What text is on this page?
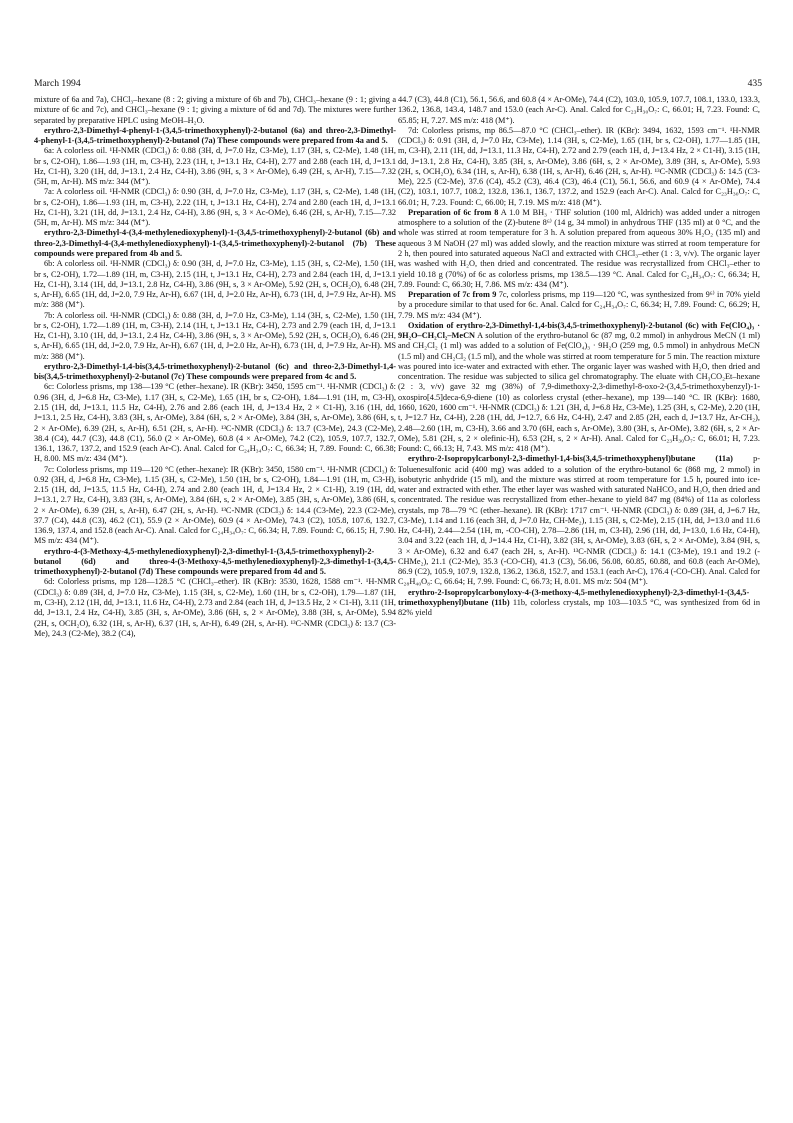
March 1994	435

mixture of 6a and 7a), CHCl₃–hexane (8 : 2; giving a mixture of 6b and 7b), CHCl₃–hexane (9 : 1; giving a mixture of 6c and 7c), and CHCl₃–hexane (9 : 1; giving a mixture of 6d and 7d). The mixtures were further separated by preparative HPLC using MeOH–H₂O.

erythro-2,3-Dimethyl-4-phenyl-1-(3,4,5-trimethoxyphenyl)-2-butanol (6a) and threo-2,3-Dimethyl-4-phenyl-1-(3,4,5-trimethoxyphenyl)-2-butanol (7a) These compounds were prepared from 4a and 5.

6a: A colorless oil. ¹H-NMR (CDCl₃) δ: 0.88 (3H, d, J=7.0 Hz, C3-Me), 1.17 (3H, s, C2-Me), 1.48 (1H, br s, C2-OH), 1.86—1.93 (1H, m, C3-H), 2.23 (1H, t, J=13.1 Hz, C4-H), 2.77 and 2.88 (each 1H, d, J=13.1 Hz, C1-H), 3.20 (1H, dd, J=13.1, 2.4 Hz, C4-H), 3.86 (9H, s, 3 × Ar-OMe), 6.49 (2H, s, Ar-H), 7.15—7.32 (5H, m, Ar-H). MS m/z: 344 (M⁺).

7a: A colorless oil. ¹H-NMR (CDCl₃) δ: 0.90 (3H, d, J=7.0 Hz, C3-Me), 1.17 (3H, s, C2-Me), 1.48 (1H, br s, C2-OH), 1.86—1.93 (1H, m, C3-H), 2.22 (1H, t, J=13.1 Hz, C4-H), 2.74 and 2.80 (each 1H, d, J=13.1 Hz, C1-H), 3.21 (1H, dd, J=13.1, 2.4 Hz, C4-H), 3.86 (9H, s, 3 × Ac-OMe), 6.46 (2H, s, Ar-H), 7.15—7.32 (5H, m, Ar-H). MS m/z: 344 (M⁺).

erythro-2,3-Dimethyl-4-(3,4-methylenedioxyphenyl)-1-(3,4,5-trimethoxyphenyl)-2-butanol (6b) and threo-2,3-Dimethyl-4-(3,4-methylenedioxyphenyl)-1-(3,4,5-trimethoxyphenyl)-2-butanol (7b) These compounds were prepared from 4b and 5.

6b: A colorless oil. ¹H-NMR (CDCl₃) δ: 0.90 (3H, d, J=7.0 Hz, C3-Me), 1.15 (3H, s, C2-Me), 1.50 (1H, br s, C2-OH), 1.72—1.89 (1H, m, C3-H), 2.15 (1H, t, J=13.1 Hz, C4-H), 2.73 and 2.84 (each 1H, d, J=13.1 Hz, C1-H), 3.14 (1H, dd, J=13.1, 2.8 Hz, C4-H), 3.86 (9H, s, 3 × Ar-OMe), 5.92 (2H, s, OCH₂O), 6.48 (2H, s, Ar-H), 6.65 (1H, dd, J=2.0, 7.9 Hz, Ar-H), 6.67 (1H, d, J=2.0 Hz, Ar-H), 6.73 (1H, d, J=7.9 Hz, Ar-H). MS m/z: 388 (M⁺).

7b: A colorless oil. ¹H-NMR (CDCl₃) δ: 0.88 (3H, d, J=7.0 Hz, C3-Me), 1.14 (3H, s, C2-Me), 1.50 (1H, br s, C2-OH), 1.72—1.89 (1H, m, C3-H), 2.14 (1H, t, J=13.1 Hz, C4-H), 2.73 and 2.79 (each 1H, d, J=13.1 Hz, C1-H), 3.10 (1H, dd, J=13.1, 2.4 Hz, C4-H), 3.86 (9H, s, 3 × Ar-OMe), 5.92 (2H, s, OCH₂O), 6.46 (2H, s, Ar-H), 6.65 (1H, dd, J=2.0, 7.9 Hz, Ar-H), 6.67 (1H, d, J=2.0 Hz, Ar-H), 6.73 (1H, d, J=7.9 Hz, Ar-H). MS m/z: 388 (M⁺).

erythro-2,3-Dimethyl-1,4-bis(3,4,5-trimethoxyphenyl)-2-butanol (6c) and threo-2,3-Dimethyl-1,4-bis(3,4,5-trimethoxyphenyl)-2-butanol (7c) These compounds were prepared from 4c and 5.

6c: Colorless prisms, mp 138—139 °C (ether–hexane). IR (KBr): 3450, 1595 cm⁻¹. ¹H-NMR (CDCl₃) δ: 0.96 (3H, d, J=6.8 Hz, C3-Me), 1.17 (3H, s, C2-Me), 1.65 (1H, br s, C2-OH), 1.84—1.91 (1H, m, C3-H), 2.15 (1H, dd, J=13.1, 11.5 Hz, C4-H), 2.76 and 2.86 (each 1H, d, J=13.4 Hz, 2 × C1-H), 3.16 (1H, dd, J=13.1, 2.5 Hz, C4-H), 3.83 (3H, s, Ar-OMe), 3.84 (6H, s, 2 × Ar-OMe), 3.84 (3H, s, Ar-OMe), 3.86 (6H, s, 2 × Ar-OMe), 6.39 (2H, s, Ar-H), 6.51 (2H, s, Ar-H). ¹³C-NMR (CDCl₃) δ: 13.7 (C3-Me), 24.3 (C2-Me), 38.4 (C4), 44.7 (C3), 44.8 (C1), 56.0 (2 × Ar-OMe), 60.8 (4 × Ar-OMe), 74.2 (C2), 105.9, 107.7, 132.7, 136.1, 136.7, 137.2, and 152.9 (each Ar-C). Anal. Calcd for C₂₄H₃₄O₇: C, 66.34; H, 7.89. Found: C, 66.38; H, 8.00. MS m/z: 434 (M⁺).

7c: Colorless prisms, mp 119—120 °C (ether–hexane): IR (KBr): 3450, 1580 cm⁻¹. ¹H-NMR (CDCl₃) δ: 0.92 (3H, d, J=6.8 Hz, C3-Me), 1.15 (3H, s, C2-Me), 1.50 (1H, br s, C2-OH), 1.84—1.91 (1H, m, C3-H), 2.15 (1H, dd, J=13.5, 11.5 Hz, C4-H), 2.74 and 2.80 (each 1H, d, J=13.4 Hz, 2 × C1-H), 3.19 (1H, dd, J=13.1, 2.7 Hz, C4-H), 3.83 (3H, s, Ar-OMe), 3.84 (6H, s, 2 × Ar-OMe), 3.85 (3H, s, Ar-OMe), 3.86 (6H, s, 2 × Ar-OMe), 6.39 (2H, s, Ar-H), 6.47 (2H, s, Ar-H). ¹³C-NMR (CDCl₃) δ: 14.4 (C3-Me), 22.3 (C2-Me), 37.7 (C4), 44.8 (C3), 46.2 (C1), 55.9 (2 × Ar-OMe), 60.9 (4 × Ar-OMe), 74.3 (C2), 105.8, 107.6, 132.7, 136.9, 137.4, and 152.8 (each Ar-C). Anal. Calcd for C₂₄H₃₄O₇: C, 66.34; H, 7.89. Found: C, 66.15; H, 7.90. MS m/z: 434 (M⁺).

erythro-4-(3-Methoxy-4,5-methylenedioxyphenyl)-2,3-dimethyl-1-(3,4,5-trimethoxyphenyl)-2-butanol (6d) and threo-4-(3-Methoxy-4,5-methylenedioxyphenyl)-2,3-dimethyl-1-(3,4,5-trimethoxyphenyl)-2-butanol (7d) These compounds were prepared from 4d and 5.

6d: Colorless prisms, mp 128—128.5 °C (CHCl₃–ether). IR (KBr): 3530, 1628, 1588 cm⁻¹. ¹H-NMR (CDCl₃) δ: 0.89 (3H, d, J=7.0 Hz, C3-Me), 1.15 (3H, s, C2-Me), 1.60 (1H, br s, C2-OH), 1.79—1.87 (1H, m, C3-H), 2.12 (1H, dd, J=13.1, 11.6 Hz, C4-H), 2.73 and 2.84 (each 1H, d, J=13.5 Hz, 2 × C1-H), 3.11 (1H, dd, J=13.1, 2.4 Hz, C4-H), 3.85 (3H, s, Ar-OMe), 3.86 (6H, s, 2 × Ar-OMe), 3.88 (3H, s, Ar-OMe), 5.94 (2H, s, OCH₂O), 6.32 (1H, s, Ar-H), 6.37 (1H, s, Ar-H), 6.49 (2H, s, Ar-H). ¹³C-NMR (CDCl₃) δ: 13.7 (C3-Me), 24.3 (C2-Me), 38.2 (C4),

44.7 (C3), 44.8 (C1), 56.1, 56.6, and 60.8 (4 × Ar-OMe), 74.4 (C2), 103.0, 105.9, 107.7, 108.1, 133.0, 133.3, 136.2, 136.8, 143.4, 148.7 and 153.0 (each Ar-C). Anal. Calcd for C₂₃H₃₀O₇: C, 66.01; H, 7.23. Found: C, 65.85; H, 7.27. MS m/z: 418 (M⁺).

7d: Colorless prisms, mp 86.5—87.0 °C (CHCl₃–ether). IR (KBr): 3494, 1632, 1593 cm⁻¹. ¹H-NMR (CDCl₃) δ: 0.91 (3H, d, J=7.0 Hz, C3-Me), 1.14 (3H, s, C2-Me), 1.65 (1H, br s, C2-OH), 1.77—1.85 (1H, m, C3-H), 2.11 (1H, dd, J=13.1, 11.3 Hz, C4-H), 2.72 and 2.79 (each 1H, d, J=13.4 Hz, 2 × C1-H), 3.15 (1H, dd, J=13.1, 2.8 Hz, C4-H), 3.85 (3H, s, Ar-OMe), 3.86 (6H, s, 2 × Ar-OMe), 3.89 (3H, s, Ar-OMe), 5.93 (2H, s, OCH₂O), 6.34 (1H, s, Ar-H), 6.38 (1H, s, Ar-H), 6.46 (2H, s, Ar-H). ¹³C-NMR (CDCl₃) δ: 14.5 (C3-Me), 22.5 (C2-Me), 37.6 (C4), 45.2 (C3), 46.4 (C3), 46.4 (C1), 56.1, 56.6, and 60.9 (4 × Ar-OMe), 74.4 (C2), 103.1, 107.7, 108.2, 132.8, 136.1, 136.7, 137.2, and 152.9 (each Ar-C). Anal. Calcd for C₂₃H₃₀O₇: C, 66.01; H, 7.23. Found: C, 66.00; H, 7.19. MS m/z: 418 (M⁺).

Preparation of 6c from 8 A 1.0 M BH₃ · THF solution (100 ml, Aldrich) was added under a nitrogen atmosphere to a solution of the (Z)-butene 8⁶⁾ (14 g, 34 mmol) in anhydrous THF (135 ml) at 0 °C, and the whole was stirred at room temperature for 3 h. A solution prepared from aqueous 30% H₂O₂ (135 ml) and aqueous 3 M NaOH (27 ml) was added slowly, and the reaction mixture was stirred at room temperature for 2 h, then poured into saturated aqueous NaCl and extracted with CHCl₃–ether (1 : 3, v/v). The organic layer was washed with H₂O, then dried and concentrated. The residue was recrystallized from CHCl₃–ether to yield 10.18 g (70%) of 6c as colorless prisms, mp 138.5—139 °C. Anal. Calcd for C₂₄H₃₄O₇: C, 66.34; H, 7.89. Found: C, 66.30; H, 7.86. MS m/z: 434 (M⁺).

Preparation of 7c from 9 7c, colorless prisms, mp 119—120 °C, was synthesized from 9⁶⁾ in 70% yield by a procedure similar to that used for 6c. Anal. Calcd for C₂₄H₃₄O₇: C, 66.34; H, 7.89. Found: C, 66.29; H, 7.79. MS m/z: 434 (M⁺).

Oxidation of erythro-2,3-Dimethyl-1,4-bis(3,4,5-trimethoxyphenyl)-2-butanol (6c) with Fe(ClO₄)₃ · 9H₂O–CH₂Cl₂–MeCN A solution of the erythro-butanol 6c (87 mg, 0.2 mmol) in anhydrous MeCN (1 ml) and CH₂Cl₂ (1 ml) was added to a solution of Fe(ClO₄)₃ · 9H₂O (259 mg, 0.5 mmol) in anhydrous MeCN (1.5 ml) and CH₂Cl₂ (1.5 ml), and the whole was stirred at room temperature for 5 min. The reaction mixture was poured into ice-water and extracted with ether. The organic layer was washed with H₂O, then dried and concentration. The residue was subjected to silica gel chromatography. The eluate with CH₃CO₂Et–hexane (2 : 3, v/v) gave 32 mg (38%) of 7,9-dimethoxy-2,3-dimethyl-8-oxo-2-(3,4,5-trimethoxybenzyl)-1-oxospiro[4.5]deca-6,9-diene (10) as colorless crystal (ether–hexane), mp 139—140 °C. IR (KBr): 1680, 1660, 1620, 1600 cm⁻¹. ¹H-NMR (CDCl₃) δ: 1.21 (3H, d, J=6.8 Hz, C3-Me), 1.25 (3H, s, C2-Me), 2.20 (1H, t, J=12.7 Hz, C4-H), 2.28 (1H, dd, J=12.7, 6.6 Hz, C4-H), 2.47 and 2.85 (2H, each d, J=13.7 Hz, Ar-CH₂), 2.48—2.60 (1H, m, C3-H), 3.66 and 3.70 (6H, each s, Ar-OMe), 3.80 (3H, s, Ar-OMe), 3.82 (6H, s, 2 × Ar-OMe), 5.81 (2H, s, 2 × olefinic-H), 6.53 (2H, s, 2 × Ar-H). Anal. Calcd for C₂₃H₃₀O₇: C, 66.01; H, 7.23. Found: C, 66.13; H, 7.43. MS m/z: 418 (M⁺).

erythro-2-Isopropylcarbonyl-2,3-dimethyl-1,4-bis(3,4,5-trimethoxyphenyl)butane (11a) p-Toluenesulfonic acid (400 mg) was added to a solution of the erythro-butanol 6c (868 mg, 2 mmol) in isobutyric anhydride (15 ml), and the mixture was stirred at room temperature for 1.5 h, poured into ice-water and extracted with ether. The ether layer was washed with saturated NaHCO₃ and H₂O, then dried and concentrated. The residue was recrystallized from ether–hexane to yield 847 mg (84%) of 11a as colorless crystals, mp 78—79 °C (ether–hexane). IR (KBr): 1717 cm⁻¹. ¹H-NMR (CDCl₃) δ: 0.89 (3H, d, J=6.7 Hz, C3-Me), 1.14 and 1.16 (each 3H, d, J=7.0 Hz, CH-Me₂), 1.15 (3H, s, C2-Me), 2.15 (1H, dd, J=13.0 and 11.6 Hz, C4-H), 2.44—2.54 (1H, m, -CO-CH), 2.78—2.86 (1H, m, C3-H), 2.96 (1H, dd, J=13.0, 1.6 Hz, C4-H), 3.04 and 3.22 (each 1H, d, J=14.4 Hz, C1-H), 3.82 (3H, s, Ar-OMe), 3.83 (6H, s, 2 × Ar-OMe), 3.84 (9H, s, 3 × Ar-OMe), 6.32 and 6.47 (each 2H, s, Ar-H). ¹³C-NMR (CDCl₃) δ: 14.1 (C3-Me), 19.1 and 19.2 (-CHMe₂), 21.1 (C2-Me), 35.3 (-CO-CH), 41.3 (C3), 56.06, 56.08, 60.85, 60.88, and 60.8 (each Ar-OMe), 86.9 (C2), 105.9, 107.9, 132.8, 136.2, 136.8, 152.7, and 153.1 (each Ar-C), 176.4 (-CO-CH). Anal. Calcd for C₂₈H₄₀O₈: C, 66.64; H, 7.99. Found: C, 66.73; H, 8.01. MS m/z: 504 (M⁺).

erythro-2-Isopropylcarbonyloxy-4-(3-methoxy-4,5-methylenedioxyphenyl)-2,3-dimethyl-1-(3,4,5-trimethoxyphenyl)butane (11b) 11b, colorless crystals, mp 103—103.5 °C, was synthesized from 6d in 82% yield
